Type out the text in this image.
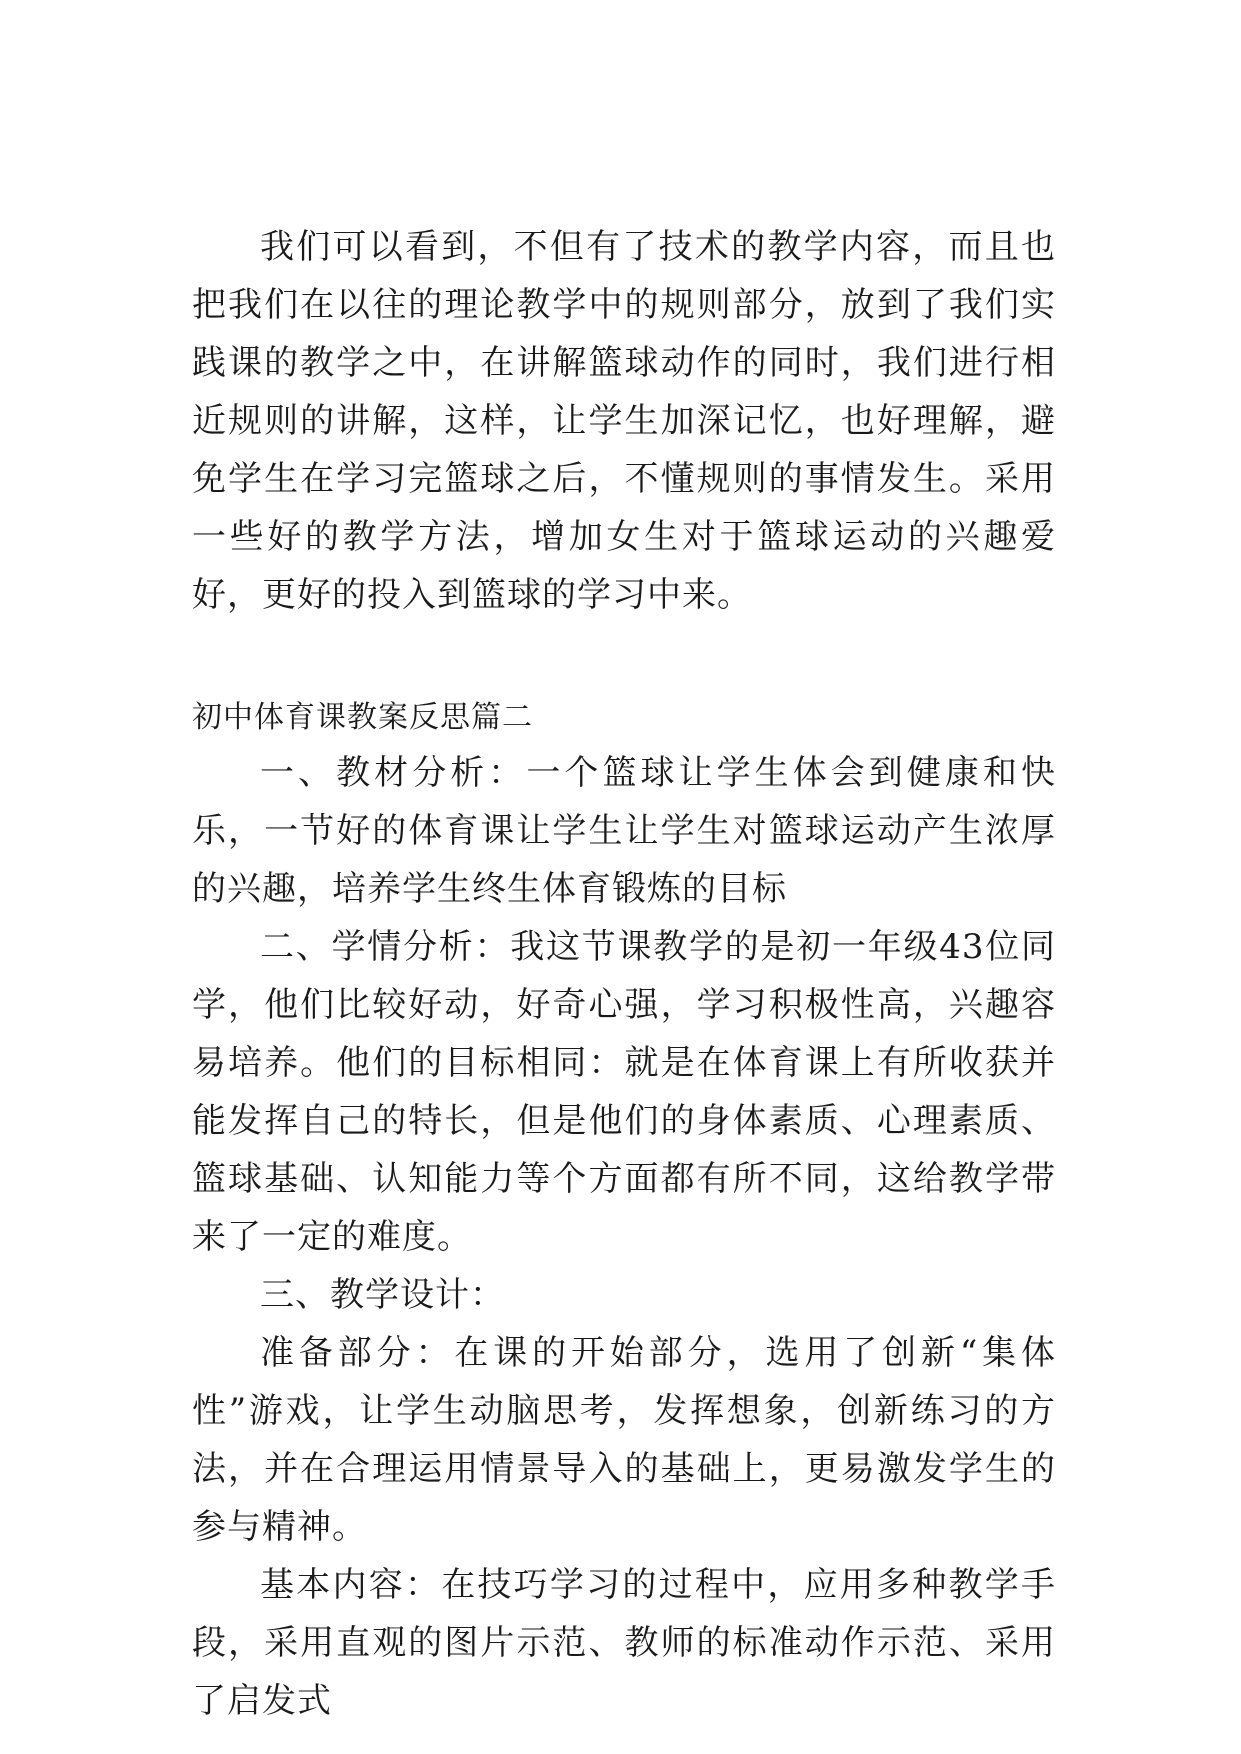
我们可以看到，不但有了技术的教学内容，而且也把我们在以往的理论教学中的规则部分，放到了我们实践课的教学之中，在讲解篮球动作的同时，我们进行相近规则的讲解，这样，让学生加深记忆，也好理解，避免学生在学习完篮球之后，不懂规则的事情发生。采用一些好的教学方法，增加女生对于篮球运动的兴趣爱好，更好的投入到篮球的学习中来。

初中体育课教案反思篇二

一、教材分析：一个篮球让学生体会到健康和快乐，一节好的体育课让学生让学生对篮球运动产生浓厚的兴趣，培养学生终生体育锻炼的目标

二、学情分析：我这节课教学的是初一年级43位同学，他们比较好动，好奇心强，学习积极性高，兴趣容易培养。他们的目标相同：就是在体育课上有所收获并能发挥自己的特长，但是他们的身体素质、心理素质、篮球基础、认知能力等个方面都有所不同，这给教学带来了一定的难度。

三、教学设计：

准备部分：在课的开始部分，选用了创新“集体性”游戏，让学生动脑思考，发挥想象，创新练习的方法，并在合理运用情景导入的基础上，更易激发学生的参与精神。

基本内容：在技巧学习的过程中，应用多种教学手段，采用直观的图片示范、教师的标准动作示范、采用了启发式
